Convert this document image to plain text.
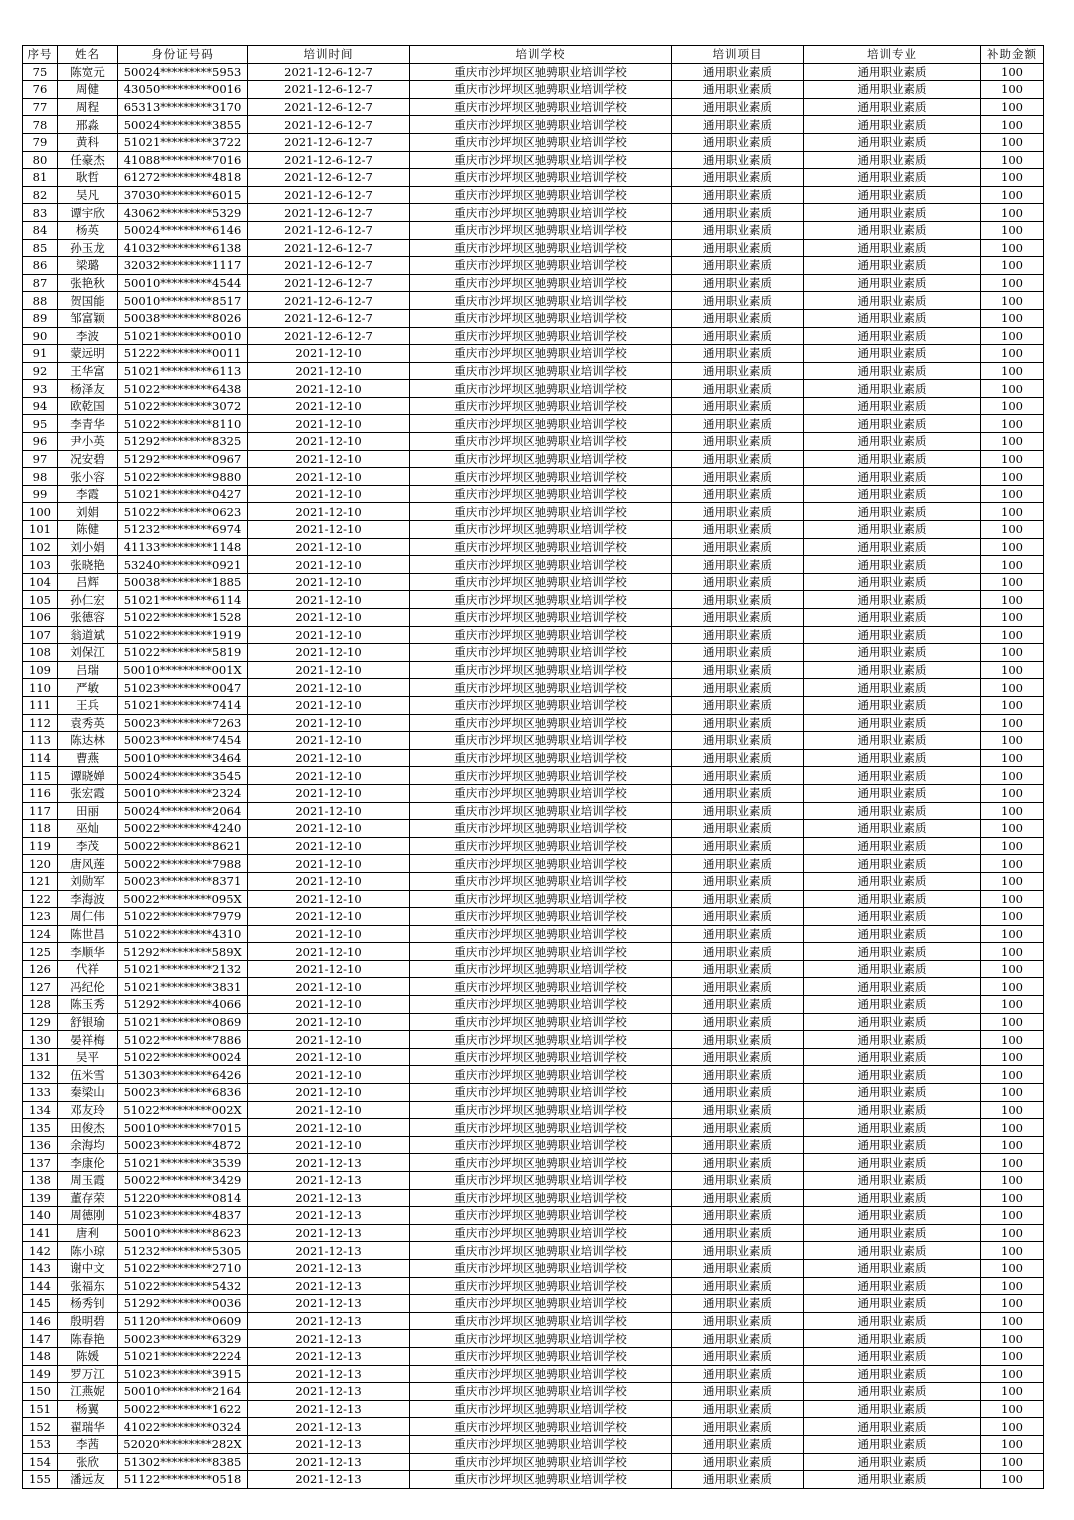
序号	姓名	身份证号码	培训时间	培训学校	培训项目	培训专业	补助金额
75	陈宽元	50024*********5953	2021-12-6-12-7	重庆市沙坪坝区驰骋职业培训学校	通用职业素质	通用职业素质	100
76	周健	43050*********0016	2021-12-6-12-7	重庆市沙坪坝区驰骋职业培训学校	通用职业素质	通用职业素质	100
77	周程	65313*********3170	2021-12-6-12-7	重庆市沙坪坝区驰骋职业培训学校	通用职业素质	通用职业素质	100
78	邢淼	50024*********3855	2021-12-6-12-7	重庆市沙坪坝区驰骋职业培训学校	通用职业素质	通用职业素质	100
79	黄科	51021*********3722	2021-12-6-12-7	重庆市沙坪坝区驰骋职业培训学校	通用职业素质	通用职业素质	100
80	任豪杰	41088*********7016	2021-12-6-12-7	重庆市沙坪坝区驰骋职业培训学校	通用职业素质	通用职业素质	100
81	耿哲	61272*********4818	2021-12-6-12-7	重庆市沙坪坝区驰骋职业培训学校	通用职业素质	通用职业素质	100
82	吴凡	37030*********6015	2021-12-6-12-7	重庆市沙坪坝区驰骋职业培训学校	通用职业素质	通用职业素质	100
83	谭宇欣	43062*********5329	2021-12-6-12-7	重庆市沙坪坝区驰骋职业培训学校	通用职业素质	通用职业素质	100
84	杨英	50024*********6146	2021-12-6-12-7	重庆市沙坪坝区驰骋职业培训学校	通用职业素质	通用职业素质	100
85	孙玉龙	41032*********6138	2021-12-6-12-7	重庆市沙坪坝区驰骋职业培训学校	通用职业素质	通用职业素质	100
86	梁璐	32032*********1117	2021-12-6-12-7	重庆市沙坪坝区驰骋职业培训学校	通用职业素质	通用职业素质	100
87	张艳秋	50010*********4544	2021-12-6-12-7	重庆市沙坪坝区驰骋职业培训学校	通用职业素质	通用职业素质	100
88	贺国能	50010*********8517	2021-12-6-12-7	重庆市沙坪坝区驰骋职业培训学校	通用职业素质	通用职业素质	100
89	邹富颖	50038*********8026	2021-12-6-12-7	重庆市沙坪坝区驰骋职业培训学校	通用职业素质	通用职业素质	100
90	李波	51021*********0010	2021-12-6-12-7	重庆市沙坪坝区驰骋职业培训学校	通用职业素质	通用职业素质	100
91	蒙远明	51222*********0011	2021-12-10	重庆市沙坪坝区驰骋职业培训学校	通用职业素质	通用职业素质	100
92	王华富	51021*********6113	2021-12-10	重庆市沙坪坝区驰骋职业培训学校	通用职业素质	通用职业素质	100
93	杨泽友	51022*********6438	2021-12-10	重庆市沙坪坝区驰骋职业培训学校	通用职业素质	通用职业素质	100
94	欧乾国	51022*********3072	2021-12-10	重庆市沙坪坝区驰骋职业培训学校	通用职业素质	通用职业素质	100
95	李青华	51022*********8110	2021-12-10	重庆市沙坪坝区驰骋职业培训学校	通用职业素质	通用职业素质	100
96	尹小英	51292*********8325	2021-12-10	重庆市沙坪坝区驰骋职业培训学校	通用职业素质	通用职业素质	100
97	况安碧	51292*********0967	2021-12-10	重庆市沙坪坝区驰骋职业培训学校	通用职业素质	通用职业素质	100
98	张小容	51022*********9880	2021-12-10	重庆市沙坪坝区驰骋职业培训学校	通用职业素质	通用职业素质	100
99	李霞	51021*********0427	2021-12-10	重庆市沙坪坝区驰骋职业培训学校	通用职业素质	通用职业素质	100
100	刘娟	51022*********0623	2021-12-10	重庆市沙坪坝区驰骋职业培训学校	通用职业素质	通用职业素质	100
101	陈健	51232*********6974	2021-12-10	重庆市沙坪坝区驰骋职业培训学校	通用职业素质	通用职业素质	100
102	刘小娟	41133*********1148	2021-12-10	重庆市沙坪坝区驰骋职业培训学校	通用职业素质	通用职业素质	100
103	张晓艳	53240*********0921	2021-12-10	重庆市沙坪坝区驰骋职业培训学校	通用职业素质	通用职业素质	100
104	吕辉	50038*********1885	2021-12-10	重庆市沙坪坝区驰骋职业培训学校	通用职业素质	通用职业素质	100
105	孙仁宏	51021*********6114	2021-12-10	重庆市沙坪坝区驰骋职业培训学校	通用职业素质	通用职业素质	100
106	张德容	51022*********1528	2021-12-10	重庆市沙坪坝区驰骋职业培训学校	通用职业素质	通用职业素质	100
107	翁道斌	51022*********1919	2021-12-10	重庆市沙坪坝区驰骋职业培训学校	通用职业素质	通用职业素质	100
108	刘保江	51022*********5819	2021-12-10	重庆市沙坪坝区驰骋职业培训学校	通用职业素质	通用职业素质	100
109	吕瑞	50010*********001X	2021-12-10	重庆市沙坪坝区驰骋职业培训学校	通用职业素质	通用职业素质	100
110	严敏	51023*********0047	2021-12-10	重庆市沙坪坝区驰骋职业培训学校	通用职业素质	通用职业素质	100
111	王兵	51021*********7414	2021-12-10	重庆市沙坪坝区驰骋职业培训学校	通用职业素质	通用职业素质	100
112	袁秀英	50023*********7263	2021-12-10	重庆市沙坪坝区驰骋职业培训学校	通用职业素质	通用职业素质	100
113	陈达林	50023*********7454	2021-12-10	重庆市沙坪坝区驰骋职业培训学校	通用职业素质	通用职业素质	100
114	曹燕	50010*********3464	2021-12-10	重庆市沙坪坝区驰骋职业培训学校	通用职业素质	通用职业素质	100
115	谭晓婵	50024*********3545	2021-12-10	重庆市沙坪坝区驰骋职业培训学校	通用职业素质	通用职业素质	100
116	张宏霞	50010*********2324	2021-12-10	重庆市沙坪坝区驰骋职业培训学校	通用职业素质	通用职业素质	100
117	田丽	50024*********2064	2021-12-10	重庆市沙坪坝区驰骋职业培训学校	通用职业素质	通用职业素质	100
118	巫灿	50022*********4240	2021-12-10	重庆市沙坪坝区驰骋职业培训学校	通用职业素质	通用职业素质	100
119	李茂	50022*********8621	2021-12-10	重庆市沙坪坝区驰骋职业培训学校	通用职业素质	通用职业素质	100
120	唐风莲	50022*********7988	2021-12-10	重庆市沙坪坝区驰骋职业培训学校	通用职业素质	通用职业素质	100
121	刘勋军	50023*********8371	2021-12-10	重庆市沙坪坝区驰骋职业培训学校	通用职业素质	通用职业素质	100
122	李海波	50022*********095X	2021-12-10	重庆市沙坪坝区驰骋职业培训学校	通用职业素质	通用职业素质	100
123	周仁伟	51022*********7979	2021-12-10	重庆市沙坪坝区驰骋职业培训学校	通用职业素质	通用职业素质	100
124	陈世昌	51022*********4310	2021-12-10	重庆市沙坪坝区驰骋职业培训学校	通用职业素质	通用职业素质	100
125	李顺华	51292*********589X	2021-12-10	重庆市沙坪坝区驰骋职业培训学校	通用职业素质	通用职业素质	100
126	代祥	51021*********2132	2021-12-10	重庆市沙坪坝区驰骋职业培训学校	通用职业素质	通用职业素质	100
127	冯纪伦	51021*********3831	2021-12-10	重庆市沙坪坝区驰骋职业培训学校	通用职业素质	通用职业素质	100
128	陈玉秀	51292*********4066	2021-12-10	重庆市沙坪坝区驰骋职业培训学校	通用职业素质	通用职业素质	100
129	舒银瑜	51021*********0869	2021-12-10	重庆市沙坪坝区驰骋职业培训学校	通用职业素质	通用职业素质	100
130	晏祥梅	51022*********7886	2021-12-10	重庆市沙坪坝区驰骋职业培训学校	通用职业素质	通用职业素质	100
131	吴平	51022*********0024	2021-12-10	重庆市沙坪坝区驰骋职业培训学校	通用职业素质	通用职业素质	100
132	伍米雪	51303*********6426	2021-12-10	重庆市沙坪坝区驰骋职业培训学校	通用职业素质	通用职业素质	100
133	秦梁山	50023*********6836	2021-12-10	重庆市沙坪坝区驰骋职业培训学校	通用职业素质	通用职业素质	100
134	邓友玲	51022*********002X	2021-12-10	重庆市沙坪坝区驰骋职业培训学校	通用职业素质	通用职业素质	100
135	田俊杰	50010*********7015	2021-12-10	重庆市沙坪坝区驰骋职业培训学校	通用职业素质	通用职业素质	100
136	余海均	50023*********4872	2021-12-10	重庆市沙坪坝区驰骋职业培训学校	通用职业素质	通用职业素质	100
137	李康伦	51021*********3539	2021-12-13	重庆市沙坪坝区驰骋职业培训学校	通用职业素质	通用职业素质	100
138	周玉霞	50022*********3429	2021-12-13	重庆市沙坪坝区驰骋职业培训学校	通用职业素质	通用职业素质	100
139	董存荣	51220*********0814	2021-12-13	重庆市沙坪坝区驰骋职业培训学校	通用职业素质	通用职业素质	100
140	周德刚	51023*********4837	2021-12-13	重庆市沙坪坝区驰骋职业培训学校	通用职业素质	通用职业素质	100
141	唐利	50010*********8623	2021-12-13	重庆市沙坪坝区驰骋职业培训学校	通用职业素质	通用职业素质	100
142	陈小琼	51232*********5305	2021-12-13	重庆市沙坪坝区驰骋职业培训学校	通用职业素质	通用职业素质	100
143	谢中文	51022*********2710	2021-12-13	重庆市沙坪坝区驰骋职业培训学校	通用职业素质	通用职业素质	100
144	张福东	51022*********5432	2021-12-13	重庆市沙坪坝区驰骋职业培训学校	通用职业素质	通用职业素质	100
145	杨秀钊	51292*********0036	2021-12-13	重庆市沙坪坝区驰骋职业培训学校	通用职业素质	通用职业素质	100
146	殷明碧	51120*********0609	2021-12-13	重庆市沙坪坝区驰骋职业培训学校	通用职业素质	通用职业素质	100
147	陈春艳	50023*********6329	2021-12-13	重庆市沙坪坝区驰骋职业培训学校	通用职业素质	通用职业素质	100
148	陈媛	51021*********2224	2021-12-13	重庆市沙坪坝区驰骋职业培训学校	通用职业素质	通用职业素质	100
149	罗万江	51023*********3915	2021-12-13	重庆市沙坪坝区驰骋职业培训学校	通用职业素质	通用职业素质	100
150	江燕妮	50010*********2164	2021-12-13	重庆市沙坪坝区驰骋职业培训学校	通用职业素质	通用职业素质	100
151	杨翼	50022*********1622	2021-12-13	重庆市沙坪坝区驰骋职业培训学校	通用职业素质	通用职业素质	100
152	翟瑞华	41022*********0324	2021-12-13	重庆市沙坪坝区驰骋职业培训学校	通用职业素质	通用职业素质	100
153	李茜	52020*********282X	2021-12-13	重庆市沙坪坝区驰骋职业培训学校	通用职业素质	通用职业素质	100
154	张欣	51302*********8385	2021-12-13	重庆市沙坪坝区驰骋职业培训学校	通用职业素质	通用职业素质	100
155	潘远友	51122*********0518	2021-12-13	重庆市沙坪坝区驰骋职业培训学校	通用职业素质	通用职业素质	100
